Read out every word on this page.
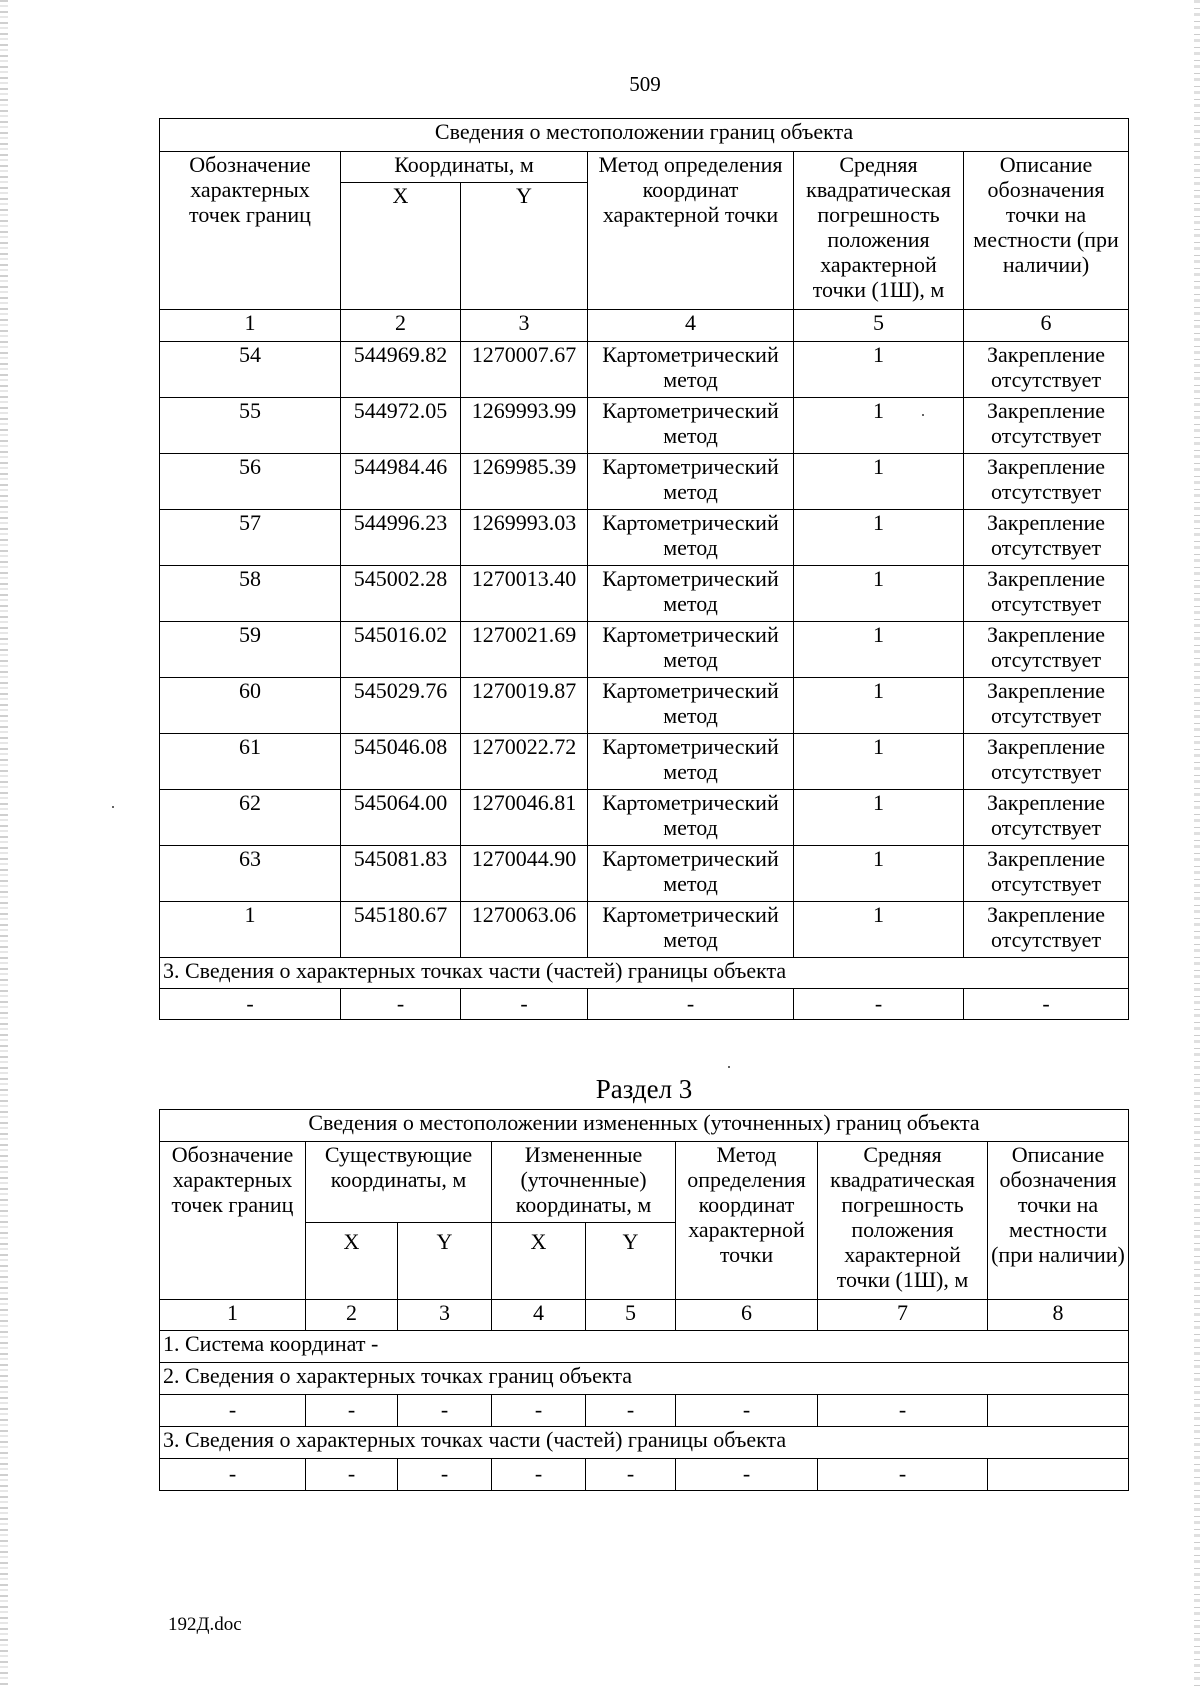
509
Сведения о местоположении границ объекта					
Обозначение характерных точек границ	Координаты, м		Метод определения координат характерной точки	Средняя квадратическая погрешность положения характерной точки (1Ш), м	Описание обозначения точки на местности (при наличии)
	X	Y			
1	2	3	4	5	6
54	544969.82	1270007.67	Картометрический метод	1	Закрепление отсутствует
55	544972.05	1269993.99	Картометрический метод	1	Закрепление отсутствует
56	544984.46	1269985.39	Картометрический метод	1	Закрепление отсутствует
57	544996.23	1269993.03	Картометрический метод	1	Закрепление отсутствует
58	545002.28	1270013.40	Картометрический метод	1	Закрепление отсутствует
59	545016.02	1270021.69	Картометрический метод	1	Закрепление отсутствует
60	545029.76	1270019.87	Картометрический метод	1	Закрепление отсутствует
61	545046.08	1270022.72	Картометрический метод	1	Закрепление отсутствует
62	545064.00	1270046.81	Картометрический метод	1	Закрепление отсутствует
63	545081.83	1270044.90	Картометрический метод	1	Закрепление отсутствует
1	545180.67	1270063.06	Картометрический метод	1	Закрепление отсутствует
3. Сведения о характерных точках части (частей) границы объекта					
-	-	-	-	-	-
Раздел 3
Сведения о местоположении измененных (уточненных) границ объекта							
Обозначение характерных точек границ	Существующие координаты, м		Измененные (уточненные) координаты, м		Метод определения координат характерной точки	Средняя квадратическая погрешность положения характерной точки (1Ш), м	Описание обозначения точки на местности (при наличии)
	X	Y	X	Y			
1	2	3	4	5	6	7	8
1. Система координат -							
2. Сведения о характерных точках границ объекта							
-	-	-	-	-	-	-	
3. Сведения о характерных точках части (частей) границы объекта							
-	-	-	-	-	-	-	
192Д.doc
